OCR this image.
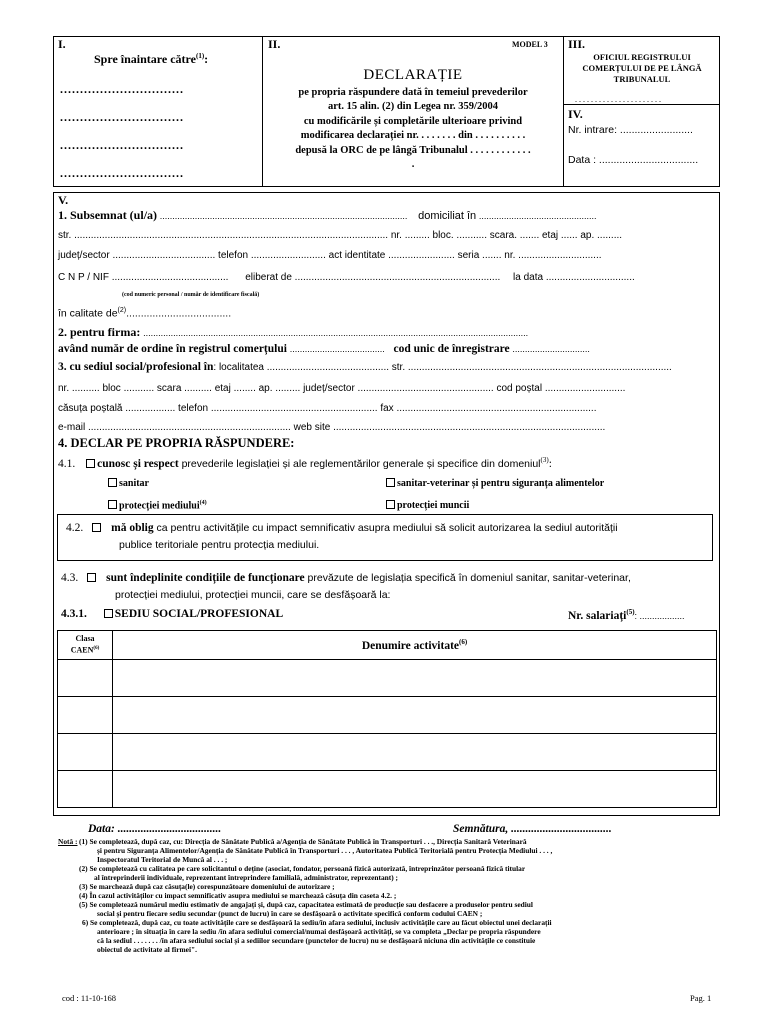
I.
Spre înaintare către$^{(1)}$:
...............................
...............................
...............................
...............................
II.	MODEL 3
DECLARAȚIE
pe propria răspundere dată în temeiul prevederilor
art. 15 alin. (2) din Legea nr. 359/2004
cu modificările și completările ulterioare privind
modificarea declarației nr. . . . . . . . din . . . . . . . . . .
depusă la ORC de pe lângă Tribunalul . . . . . . . . . . . .
.
III.
OFICIUL REGISTRULUI
COMERȚULUI DE PE LÂNGĂ
TRIBUNALUL
. . . . . . . . . . . . . . . . . . . . . .
IV.
Nr. intrare: .........................
Data : ..................................
V.
1. Subsemnat (ul/a) ................................................................................................... domiciliat în ...............................................
str. ................................................................................................................. nr. ......... bloc. ........... scara. ....... etaj ...... ap. .........
județ/sector ..................................... telefon ........................... act identitate ........................ seria ....... nr. ..............................
C N P / NIF .......................................... eliberat de .......................................................................... la data ................................
(cod numeric personal / număr de identificare fiscală)
în calitate $de^{(2)}$....................................
2. pentru firma: ..........................................................................................................................................................
având număr de ordine în registrul comerțului ...................................... cod unic de înregistrare ...............................
3. cu sediul social/profesional în: localitatea ............................................ str. ...............................................................................................
nr. .......... bloc ........... scara .......... etaj ........ ap. ......... județ/sector ................................................. cod poștal .............................
căsuța poștală .................. telefon ............................................................ fax ........................................................................
e-mail ......................................................................... web site ..................................................................................................
4. DECLAR PE PROPRIA RĂSPUNDERE:
4.1. cunosc și respect prevederile legislației și ale reglementărilor generale și specifice din domeniul$^{(3)}$:
sanitar	sanitar-veterinar și pentru siguranța alimentelor
protecției mediului$^{(4)}$	protecției muncii
4.2. mă oblig ca pentru activitățile cu impact semnificativ asupra mediului să solicit autorizarea la sediul autorității
publice teritoriale pentru protecția mediului.
4.3. sunt îndeplinite condițiile de funcționare prevăzute de legislația specifică în domeniul sanitar, sanitar-veterinar,
protecției mediului, protecției muncii, care se desfășoară la:
4.3.1. SEDIU SOCIAL/PROFESIONAL	Nr. salariați$^{(5)}$: ..................
Clasa
CAEN$^{(6)}$	Denumire activitate$^{(6)}$

Data: ....................................	Semnătura, ...................................
Notă : (1) Se completează, după caz, cu: Direcția de Sănătate Publică a/Agenția de Sănătate Publică în Transporturi . . ., Direcția Sanitară Veterinară
și pentru Siguranța Alimentelor/Agenția de Sănătate Publică în Transporturi . . . , Autoritatea Publică Teritorială pentru Protecția Mediului . . . ,
Inspectoratul Teritorial de Muncă al . . . ;
(2) Se completează cu calitatea pe care solicitantul o deține (asociat, fondator, persoană fizică autorizată, întreprinzător persoană fizică titular
al întreprinderii individuale, reprezentant întreprindere familială, administrator, reprezentant) ;
(3) Se marchează după caz căsuța(le) corespunzătoare domeniului de autorizare ;
(4) În cazul activităților cu impact semnificativ asupra mediului se marchează căsuța din caseta 4.2. ;
(5) Se completează numărul mediu estimativ de angajați și, după caz, capacitatea estimată de producție sau desfacere a produselor pentru sediul
social și pentru fiecare sediu secundar (punct de lucru) în care se desfășoară o activitate specifică conform codului CAEN ;
6) Se completează, după caz, cu toate activitățile care se desfășoară la sediu/în afara sediului, inclusiv activitățile care au făcut obiectul unei declarații
anterioare ; în situația în care la sediu /în afara sediului comercial/numai desfășoară activități, se va completa „Declar pe propria răspundere
că la sediul . . . . . . . /în afara sediului social și a sediilor secundare (punctelor de lucru) nu se desfășoară niciuna din activitățile ce constituie
obiectul de activitate al firmei".
cod : 11-10-168	Pag. 1
